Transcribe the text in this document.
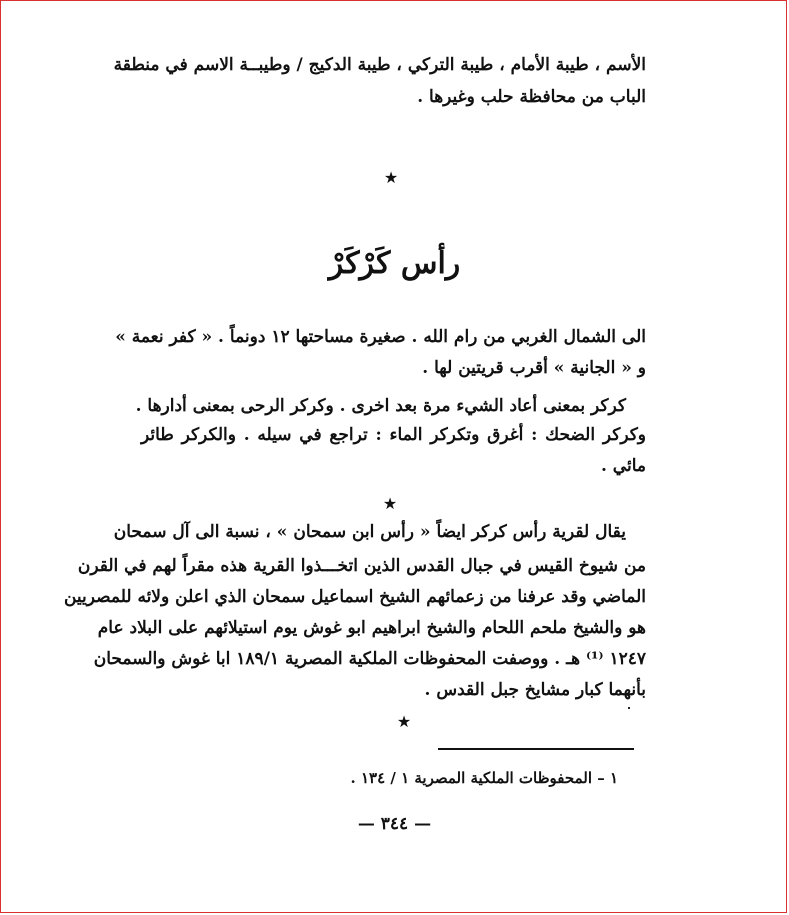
الأسم ، طيبة الأمام ، طيبة التركي ، طيبة الدكيج / وطيبــة الاسم في منطقة
الباب من محافظة حلب وغيرها .
★
رأس كَرْكَرْ
الى الشمال الغربي من رام الله . صغيرة مساحتها ١٢ دونماً . « كفر نعمة »
و « الجانية » أقرب قريتين لها .
كركر بمعنى أعاد الشيء مرة بعد اخرى . وكركر الرحى بمعنى أدارها .
وكركر الضحك : أغرق وتكركر الماء : تراجع في سيله . والكركر طائر
مائي .
★
يقال لقرية رأس كركر ايضاً « رأس ابن سمحان » ، نسبة الى آل سمحان
من شيوخ القيس في جبال القدس الذين اتخـــذوا القرية هذه مقراً لهم في القرن
الماضي وقد عرفنا من زعمائهم الشيخ اسماعيل سمحان الذي اعلن ولائه للمصريين
هو والشيخ ملحم اللحام والشيخ ابراهيم ابو غوش يوم استيلائهم على البلاد عام
١٢٤٧ ⁽¹⁾ هـ . ووصفت المحفوظات الملكية المصرية ١٨٩/١ ابا غوش والسمحان
بأنهما كبار مشايخ جبل القدس .
★
١ – المحفوظات الملكية المصرية ١ / ١٣٤ .
— ٣٤٤ —
